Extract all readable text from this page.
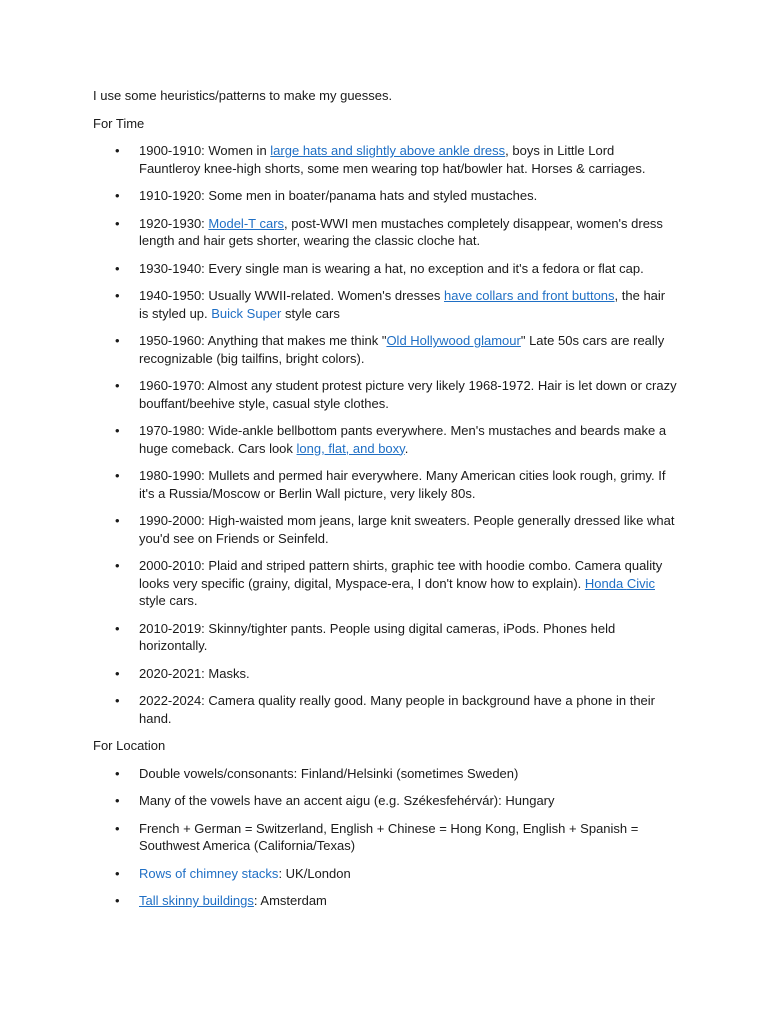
I use some heuristics/patterns to make my guesses.

For Time

• 1900-1910: Women in large hats and slightly above ankle dress, boys in Little Lord Fauntleroy knee-high shorts, some men wearing top hat/bowler hat. Horses & carriages.
• 1910-1920: Some men in boater/panama hats and styled mustaches.
• 1920-1930: Model-T cars, post-WWI men mustaches completely disappear, women's dress length and hair gets shorter, wearing the classic cloche hat.
• 1930-1940: Every single man is wearing a hat, no exception and it's a fedora or flat cap.
• 1940-1950: Usually WWII-related. Women's dresses have collars and front buttons, the hair is styled up. Buick Super style cars
• 1950-1960: Anything that makes me think "Old Hollywood glamour" Late 50s cars are really recognizable (big tailfins, bright colors).
• 1960-1970: Almost any student protest picture very likely 1968-1972. Hair is let down or crazy bouffant/beehive style, casual style clothes.
• 1970-1980: Wide-ankle bellbottom pants everywhere. Men's mustaches and beards make a huge comeback. Cars look long, flat, and boxy.
• 1980-1990: Mullets and permed hair everywhere. Many American cities look rough, grimy. If it's a Russia/Moscow or Berlin Wall picture, very likely 80s.
• 1990-2000: High-waisted mom jeans, large knit sweaters. People generally dressed like what you'd see on Friends or Seinfeld.
• 2000-2010: Plaid and striped pattern shirts, graphic tee with hoodie combo. Camera quality looks very specific (grainy, digital, Myspace-era, I don't know how to explain). Honda Civic style cars.
• 2010-2019: Skinny/tighter pants. People using digital cameras, iPods. Phones held horizontally.
• 2020-2021: Masks.
• 2022-2024: Camera quality really good. Many people in background have a phone in their hand.

For Location

• Double vowels/consonants: Finland/Helsinki (sometimes Sweden)
• Many of the vowels have an accent aigu (e.g. Székesfehérvár): Hungary
• French + German = Switzerland, English + Chinese = Hong Kong, English + Spanish = Southwest America (California/Texas)
• Rows of chimney stacks: UK/London
• Tall skinny buildings: Amsterdam
